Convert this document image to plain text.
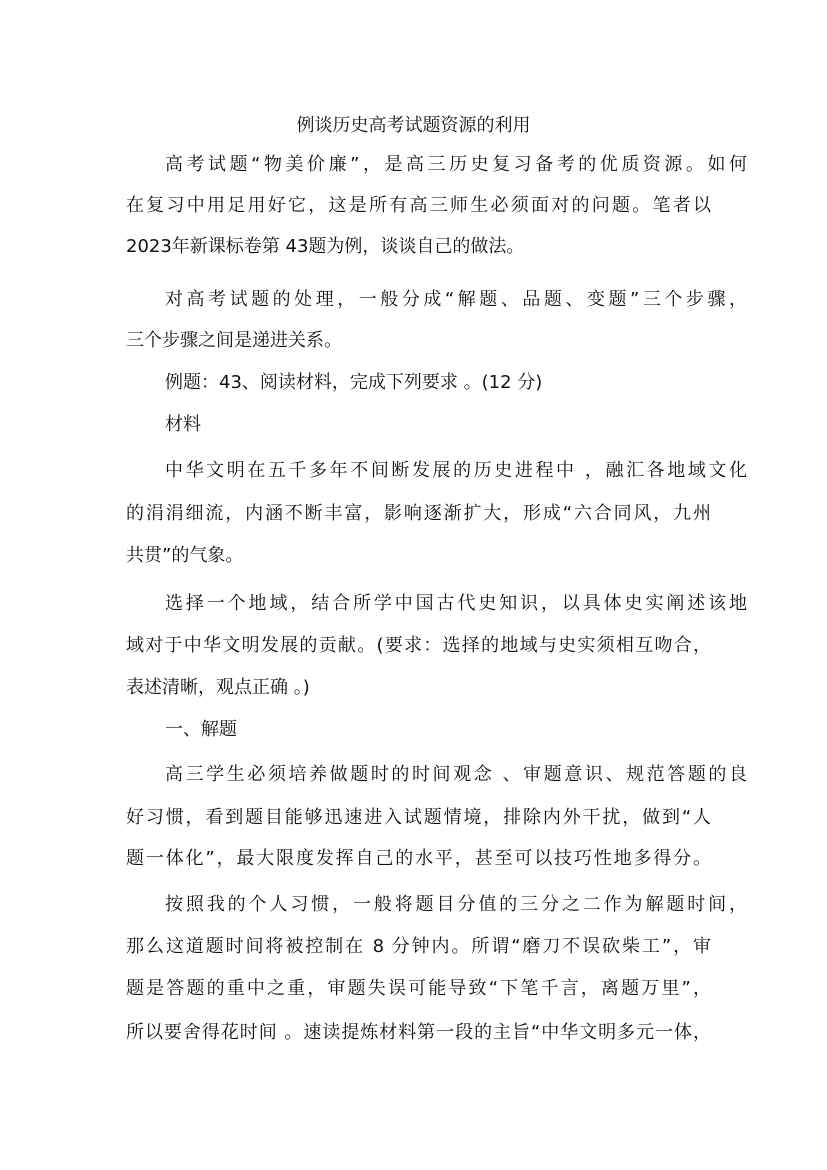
例谈历史高考试题资源的利用
高考试题“物美价廉”，是高三历史复习备考的优质资源。如何
在复习中用足用好它，这是所有高三师生必须面对的问题。笔者以
2023年新课标卷第 43题为例，谈谈自己的做法。
对高考试题的处理，一般分成“解题、品题、变题”三个步骤，
三个步骤之间是递进关系。
例题：43、阅读材料，完成下列要求 。(12 分)
材料
中华文明在五千多年不间断发展的历史进程中 ，融汇各地域文化
的涓涓细流，内涵不断丰富，影响逐渐扩大，形成“六合同风，九州
共贯”的气象。
选择一个地域，结合所学中国古代史知识，以具体史实阐述该地
域对于中华文明发展的贡献。(要求：选择的地域与史实须相互吻合，
表述清晰，观点正确 。)
一、解题
高三学生必须培养做题时的时间观念 、审题意识、规范答题的良
好习惯，看到题目能够迅速进入试题情境，排除内外干扰，做到“人
题一体化”，最大限度发挥自己的水平，甚至可以技巧性地多得分。
按照我的个人习惯，一般将题目分值的三分之二作为解题时间，
那么这道题时间将被控制在 8 分钟内。所谓“磨刀不误砍柴工”，审
题是答题的重中之重，审题失误可能导致“下笔千言，离题万里”，
所以要舍得花时间 。速读提炼材料第一段的主旨“中华文明多元一体，
